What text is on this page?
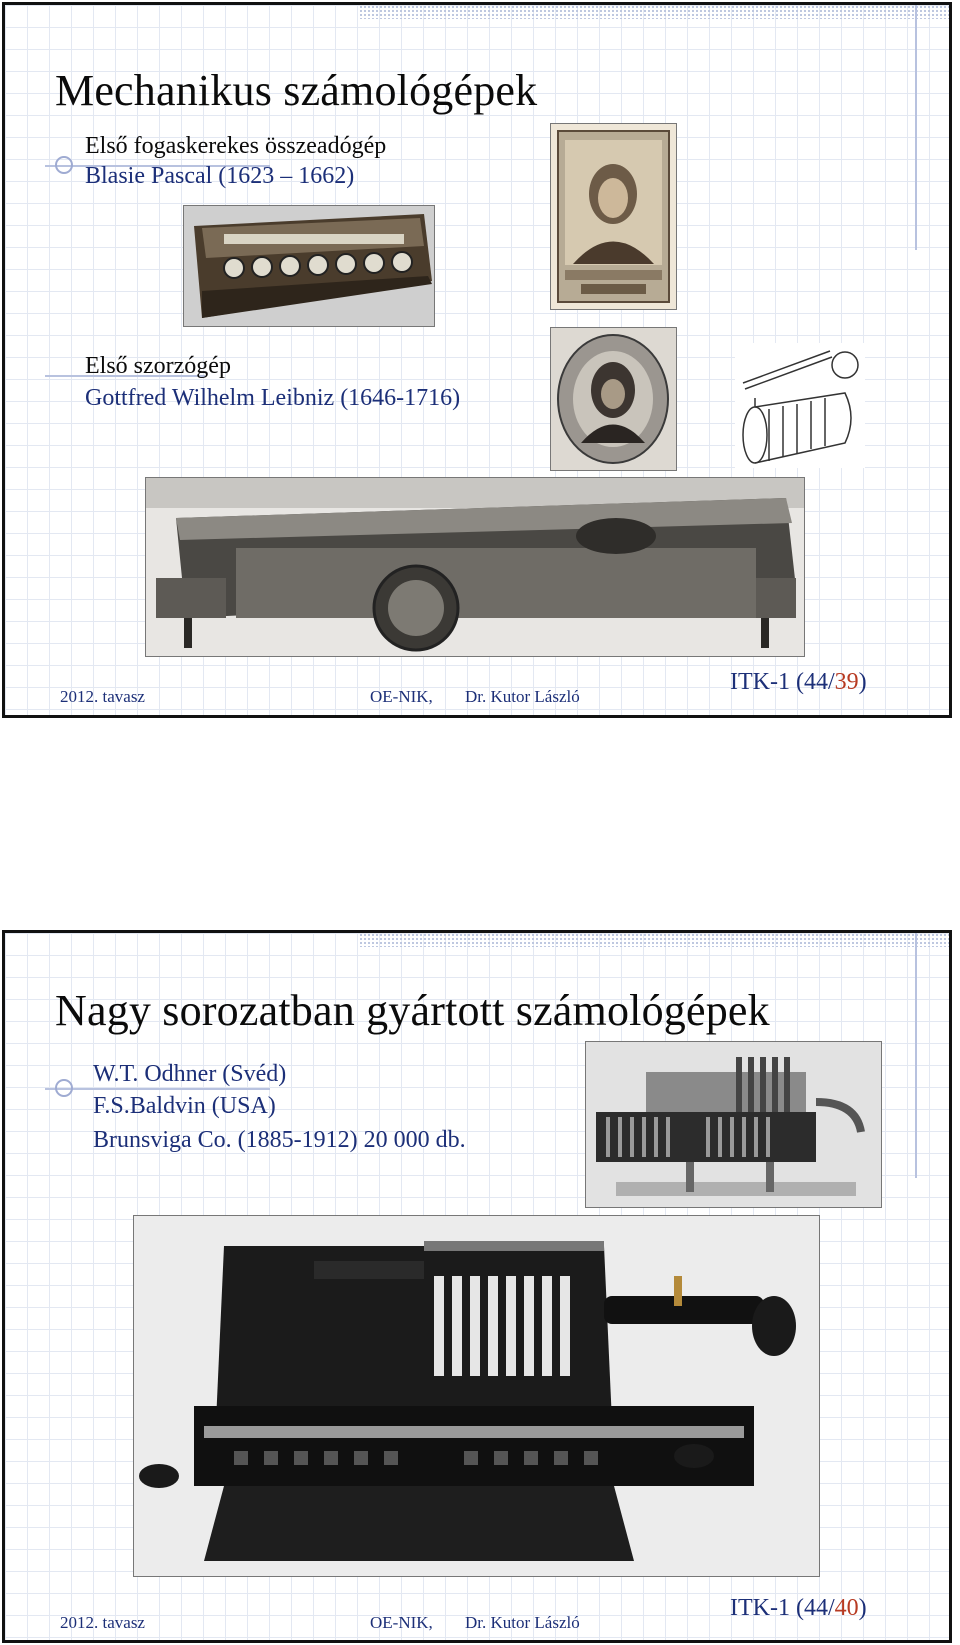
Mechanikus számológépek
Első fogaskerekes összeadógép
Blasie Pascal (1623 – 1662)
Első szorzógép
Gottfred Wilhelm Leibniz (1646-1716)
2012. tavasz	OE-NIK, Dr. Kutor László
ITK-1 (44/39)
Nagy sorozatban gyártott számológépek
W.T. Odhner (Svéd)
F.S.Baldvin (USA)
Brunsviga Co. (1885-1912) 20 000 db.
2012. tavasz	OE-NIK, Dr. Kutor László
ITK-1 (44/40)
